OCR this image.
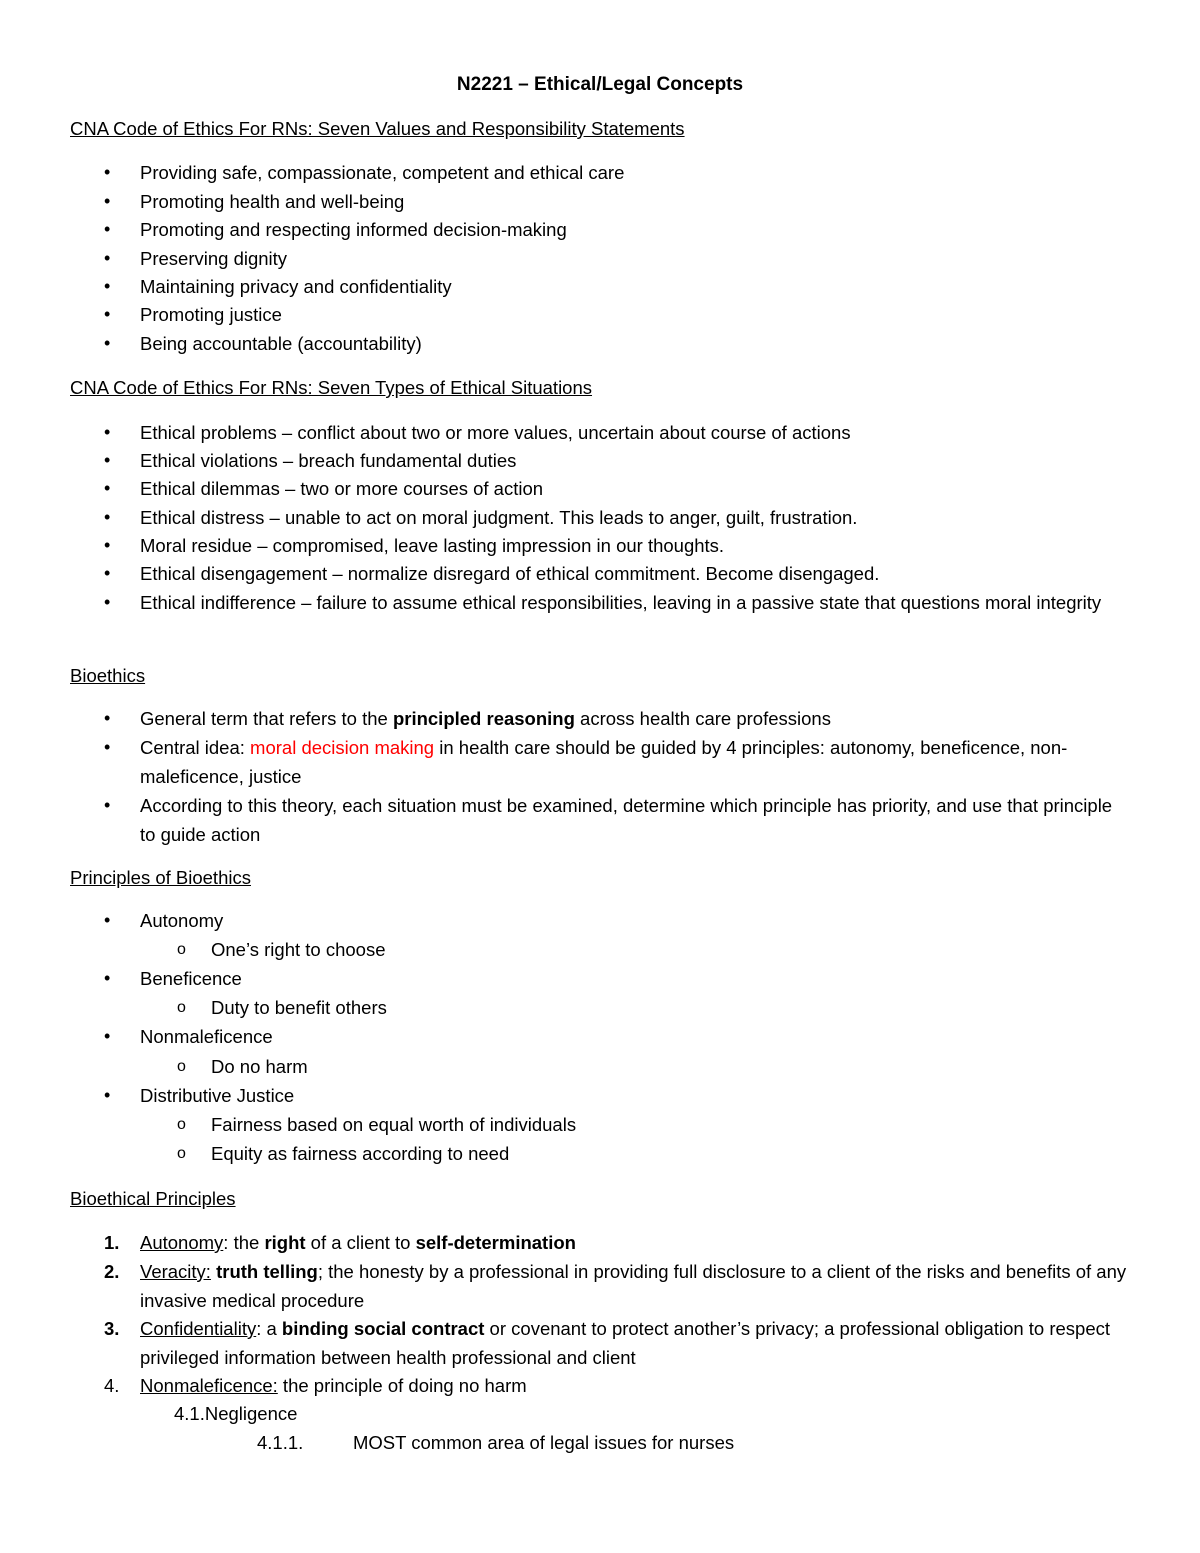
N2221 – Ethical/Legal Concepts
CNA Code of Ethics For RNs: Seven Values and Responsibility Statements
• Providing safe, compassionate, competent and ethical care
• Promoting health and well-being
• Promoting and respecting informed decision-making
• Preserving dignity
• Maintaining privacy and confidentiality
• Promoting justice
• Being accountable (accountability)
CNA Code of Ethics For RNs: Seven Types of Ethical Situations
• Ethical problems – conflict about two or more values, uncertain about course of actions
• Ethical violations – breach fundamental duties
• Ethical dilemmas – two or more courses of action
• Ethical distress – unable to act on moral judgment. This leads to anger, guilt, frustration.
• Moral residue – compromised, leave lasting impression in our thoughts.
• Ethical disengagement – normalize disregard of ethical commitment. Become disengaged.
• Ethical indifference – failure to assume ethical responsibilities, leaving in a passive state that questions moral integrity
Bioethics
• General term that refers to the principled reasoning across health care professions
• Central idea: moral decision making in health care should be guided by 4 principles: autonomy, beneficence, non-maleficence, justice
• According to this theory, each situation must be examined, determine which principle has priority, and use that principle to guide action
Principles of Bioethics
• Autonomy
o One’s right to choose
• Beneficence
o Duty to benefit others
• Nonmaleficence
o Do no harm
• Distributive Justice
o Fairness based on equal worth of individuals
o Equity as fairness according to need
Bioethical Principles
1. Autonomy: the right of a client to self-determination
2. Veracity: truth telling; the honesty by a professional in providing full disclosure to a client of the risks and benefits of any invasive medical procedure
3. Confidentiality: a binding social contract or covenant to protect another’s privacy; a professional obligation to respect privileged information between health professional and client
4. Nonmaleficence: the principle of doing no harm
4.1.Negligence
4.1.1.	MOST common area of legal issues for nurses
